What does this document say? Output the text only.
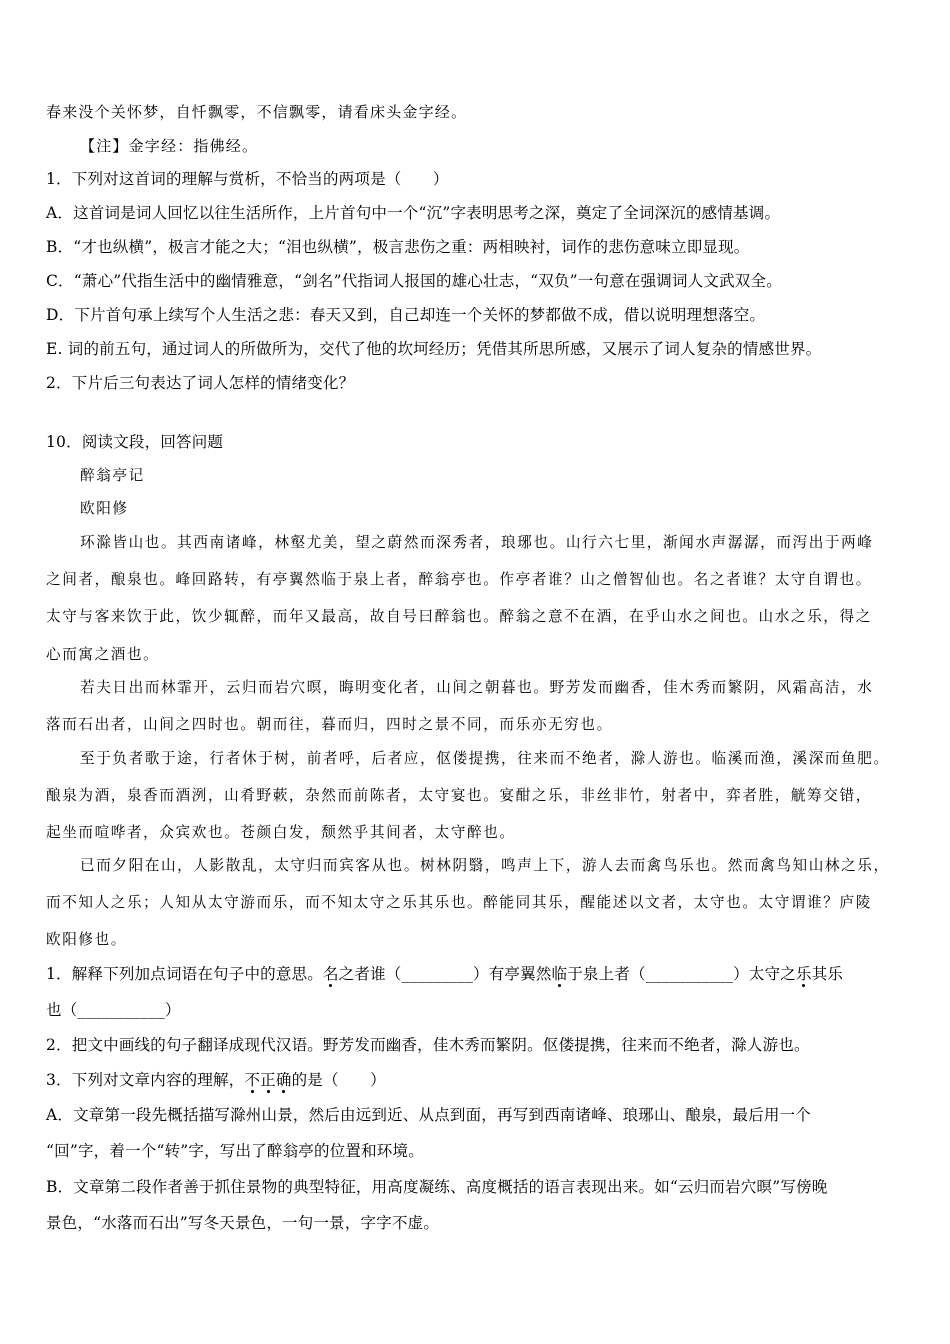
春来没个关怀梦，自忏飘零，不信飘零，请看床头金字经。
【注】金字经：指佛经。
1．下列对这首词的理解与赏析，不恰当的两项是（　　）
A．这首词是词人回忆以往生活所作，上片首句中一个“沉”字表明思考之深，奠定了全词深沉的感情基调。
B．“才也纵横”，极言才能之大；“泪也纵横”，极言悲伤之重：两相映衬，词作的悲伤意味立即显现。
C．“萧心”代指生活中的幽情雅意，“剑名”代指词人报国的雄心壮志，“双负”一句意在强调词人文武双全。
D．下片首句承上续写个人生活之悲：春天又到，自己却连一个关怀的梦都做不成，借以说明理想落空。
E. 词的前五句，通过词人的所做所为，交代了他的坎坷经历；凭借其所思所感，又展示了词人复杂的情感世界。
2．下片后三句表达了词人怎样的情绪变化？
10．阅读文段，回答问题
醉翁亭记
欧阳修
环滁皆山也。其西南诸峰，林壑尤美，望之蔚然而深秀者，琅琊也。山行六七里，渐闻水声潺潺，而泻出于两峰
之间者，酿泉也。峰回路转，有亭翼然临于泉上者，醉翁亭也。作亭者谁？山之僧智仙也。名之者谁？太守自谓也。
太守与客来饮于此，饮少辄醉，而年又最高，故自号曰醉翁也。醉翁之意不在酒，在乎山水之间也。山水之乐，得之
心而寓之酒也。
若夫日出而林霏开，云归而岩穴暝，晦明变化者，山间之朝暮也。野芳发而幽香，佳木秀而繁阴，风霜高洁，水
落而石出者，山间之四时也。朝而往，暮而归，四时之景不同，而乐亦无穷也。
至于负者歌于途，行者休于树，前者呼，后者应，伛偻提携，往来而不绝者，滁人游也。临溪而渔，溪深而鱼肥。
酿泉为酒，泉香而酒洌，山肴野蔌，杂然而前陈者，太守宴也。宴酣之乐，非丝非竹，射者中，弈者胜，觥筹交错，
起坐而喧哗者，众宾欢也。苍颜白发，颓然乎其间者，太守醉也。
已而夕阳在山，人影散乱，太守归而宾客从也。树林阴翳，鸣声上下，游人去而禽鸟乐也。然而禽鸟知山林之乐，
而不知人之乐；人知从太守游而乐，而不知太守之乐其乐也。醉能同其乐，醒能述以文者，太守也。太守谓谁？庐陵
欧阳修也。
1．解释下列加点词语在句子中的意思。名之者谁（_________）有亭翼然临于泉上者（___________）太守之乐其乐
也（___________）
2．把文中画线的句子翻译成现代汉语。野芳发而幽香，佳木秀而繁阴。伛偻提携，往来而不绝者，滁人游也。
3．下列对文章内容的理解，不正确的是（　　）
A．文章第一段先概括描写滁州山景，然后由远到近、从点到面，再写到西南诸峰、琅琊山、酿泉，最后用一个
“回”字，着一个“转”字，写出了醉翁亭的位置和环境。
B．文章第二段作者善于抓住景物的典型特征，用高度凝练、高度概括的语言表现出来。如“云归而岩穴暝”写傍晚
景色，“水落而石出”写冬天景色，一句一景，字字不虚。
